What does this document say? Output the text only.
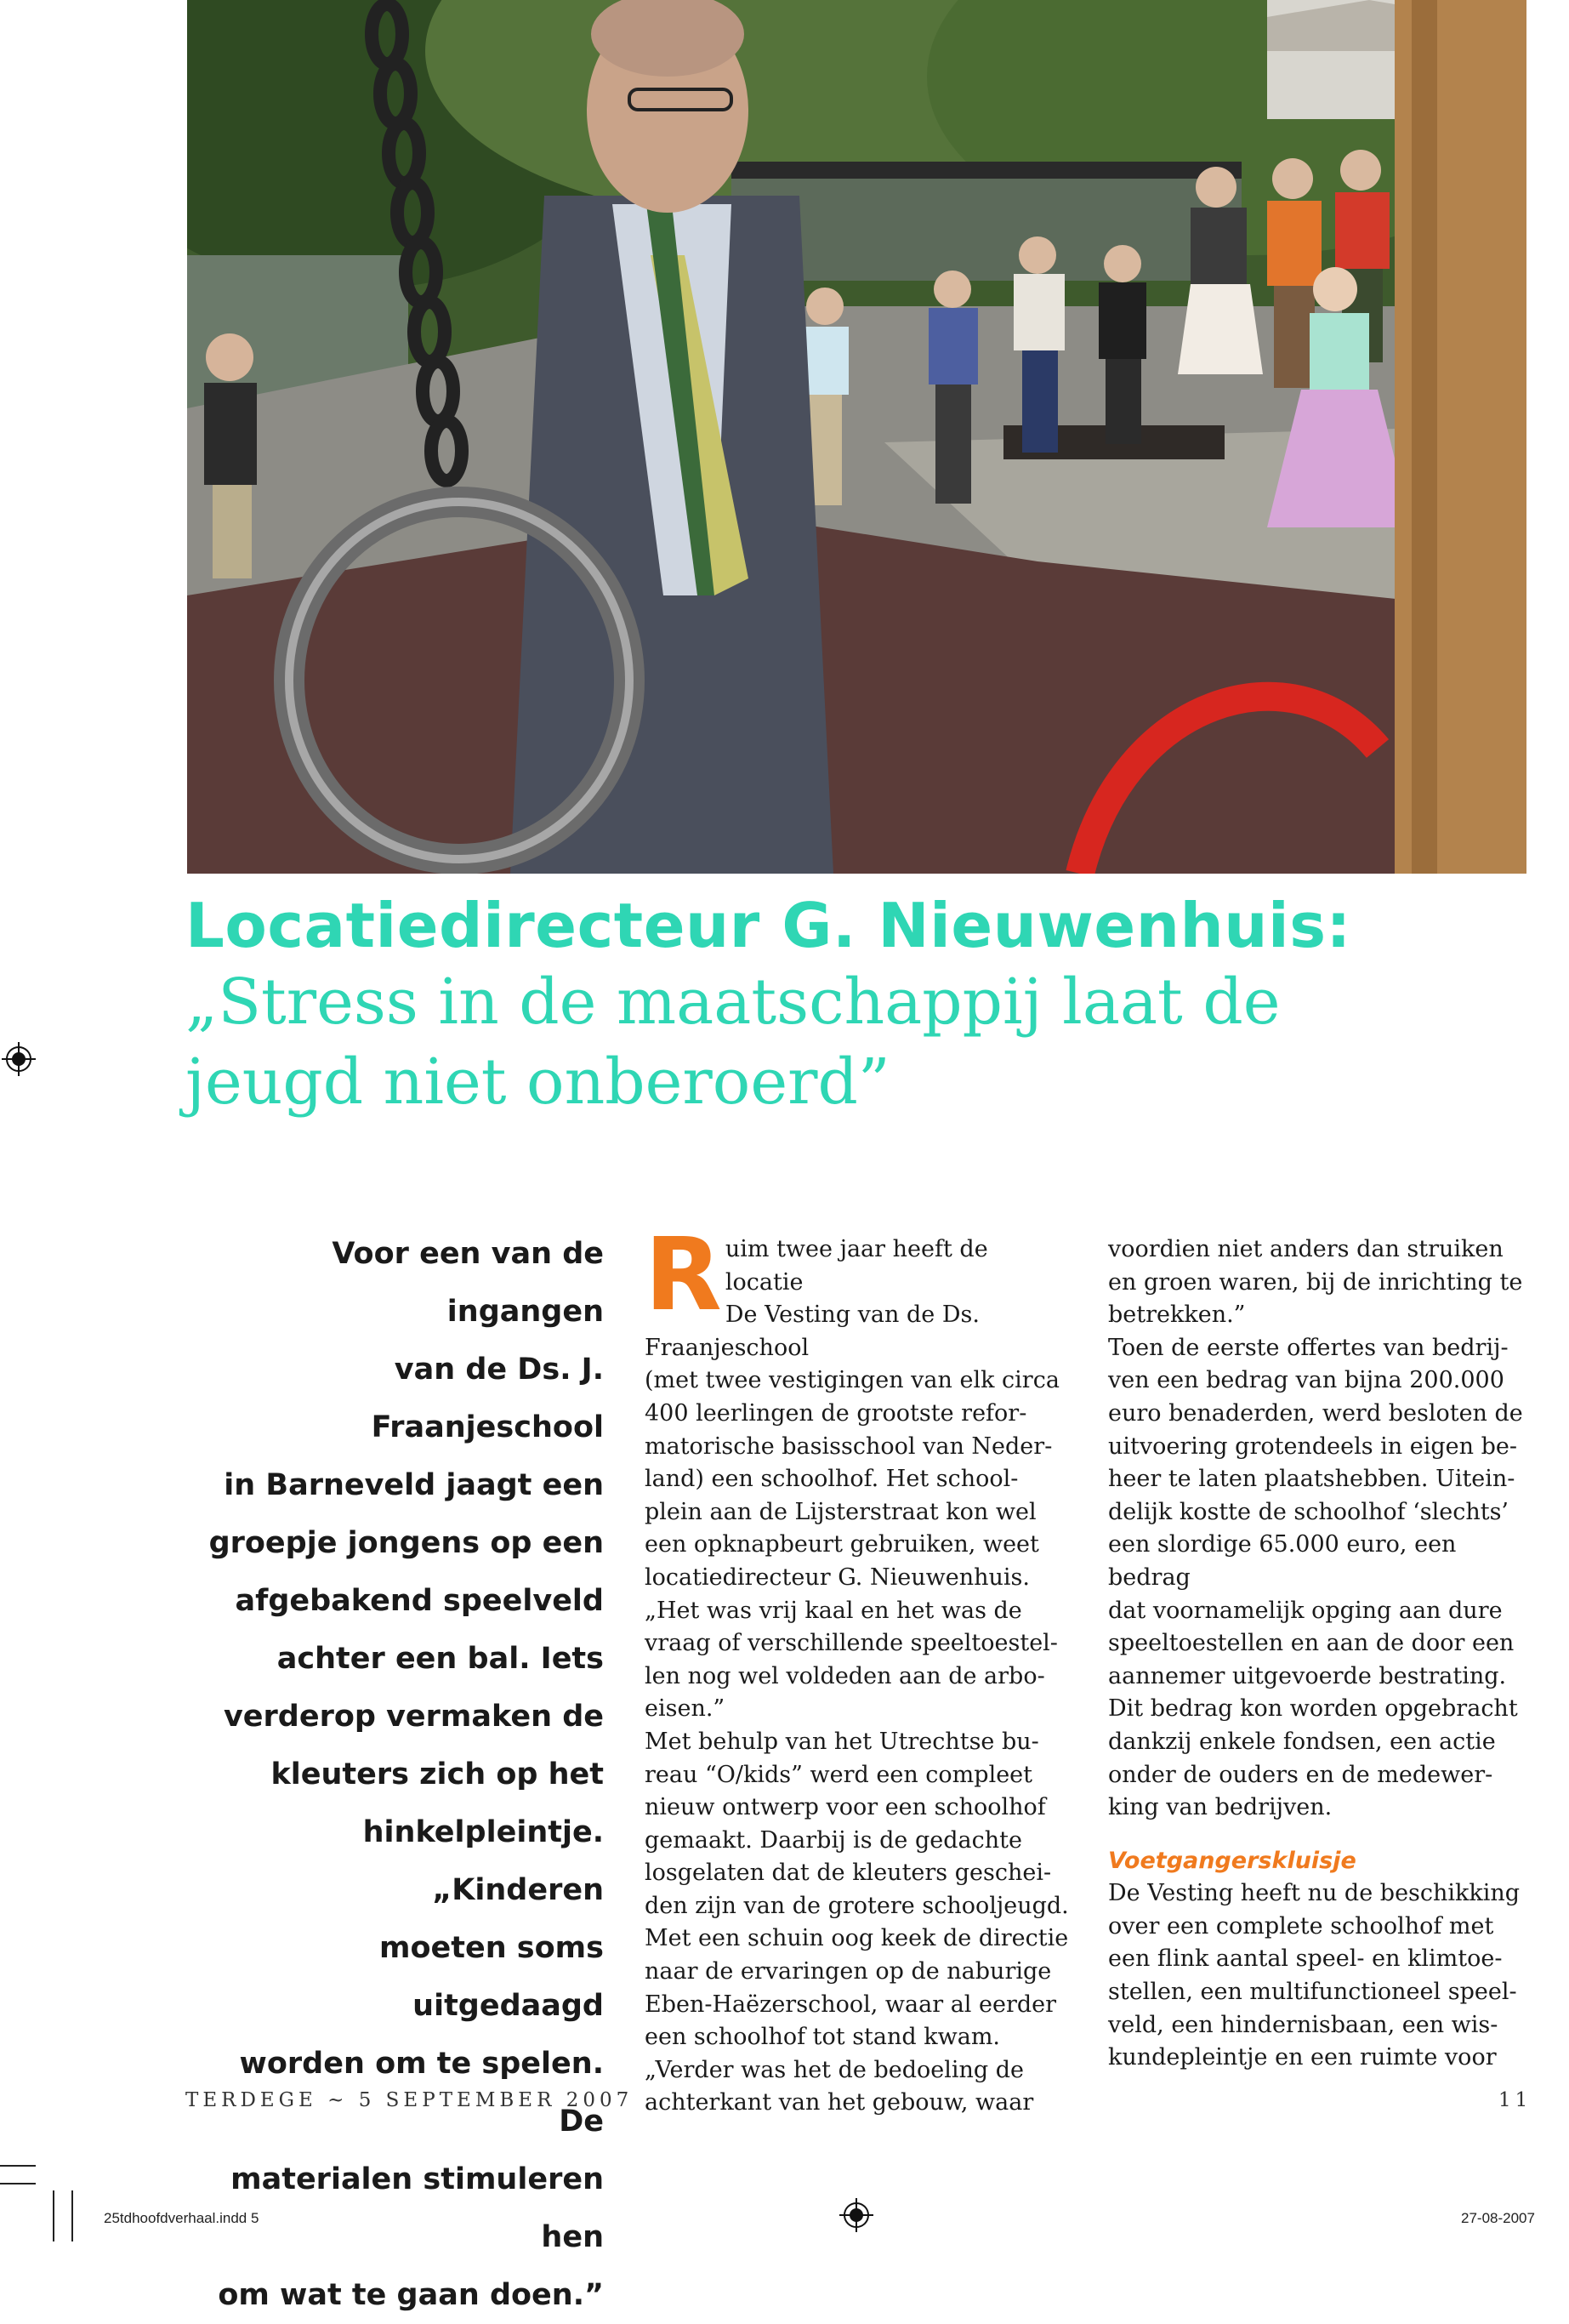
Locatiedirecteur G. Nieuwenhuis:

„Stress in de maatschappij laat de

jeugd niet onberoerd”

Voor een van de ingangen
van de Ds. J. Fraanjeschool
in Barneveld jaagt een
groepje jongens op een
afgebakend speelveld
achter een bal. Iets
verderop vermaken de
kleuters zich op het
hinkelpleintje. „Kinderen
moeten soms uitgedaagd
worden om te spelen. De
materialen stimuleren hen
om wat te gaan doen.”
R uim twee jaar heeft de locatie

De Vesting van de Ds. Fraanjeschool

(met twee vestigingen van elk circa

400 leerlingen de grootste refor-

matorische basisschool van Neder-

land) een schoolhof. Het school-

plein aan de Lijsterstraat kon wel

een opknapbeurt gebruiken, weet

locatiedirecteur G. Nieuwenhuis.

„Het was vrij kaal en het was de

vraag of verschillende speeltoestel-

len nog wel voldeden aan de arbo-

eisen.”

Met behulp van het Utrechtse bu-

reau “O/kids” werd een compleet

nieuw ontwerp voor een schoolhof

gemaakt. Daarbij is de gedachte

losgelaten dat de kleuters geschei-

den zijn van de grotere schooljeugd.

Met een schuin oog keek de directie

naar de ervaringen op de naburige

Eben-Haëzerschool, waar al eerder

een schoolhof tot stand kwam.

„Verder was het de bedoeling de

achterkant van het gebouw, waar

voordien niet anders dan struiken

en groen waren, bij de inrichting te

betrekken.”

Toen de eerste offertes van bedrij-

ven een bedrag van bijna 200.000

euro benaderden, werd besloten de

uitvoering grotendeels in eigen be-

heer te laten plaatshebben. Uitein-

delijk kostte de schoolhof ‘slechts’

een slordige 65.000 euro, een bedrag

dat voornamelijk opging aan dure

speeltoestellen en aan de door een

aannemer uitgevoerde bestrating.

Dit bedrag kon worden opgebracht

dankzij enkele fondsen, een actie

onder de ouders en de medewer-

king van bedrijven.

Voetgangerskluisje

De Vesting heeft nu de beschikking

over een complete schoolhof met

een flink aantal speel- en klimtoe-

stellen, een multifunctioneel speel-

veld, een hindernisbaan, een wis-

kundepleintje en een ruimte voor

TERDEGE ~ 5 SEPTEMBER 2007	11
25tdhoofdverhaal.indd 5	27-08-2007
